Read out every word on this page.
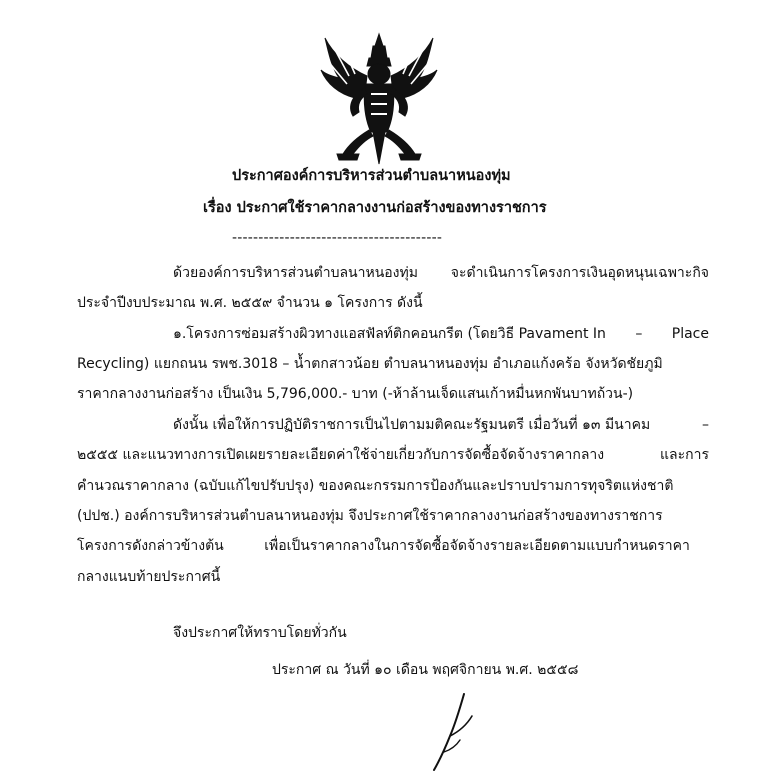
ประกาศองค์การบริหารส่วนตำบลนาหนองทุ่ม
เรื่อง ประกาศใช้ราคากลางงานก่อสร้างของทางราชการ
----------------------------------------
ด้วยองค์การบริหารส่วนตำบลนาหนองทุ่ม จะดำเนินการโครงการเงินอุดหนุนเฉพาะกิจ
ประจำปีงบประมาณ พ.ศ. ๒๕๕๙ จำนวน ๑ โครงการ ดังนี้
๑.โครงการซ่อมสร้างผิวทางแอสฟัลท์ติกคอนกรีต (โดยวิธี Pavament In – Place
Recycling) แยกถนน รพช.3018 – น้ำตกสาวน้อย ตำบลนาหนองทุ่ม อำเภอแก้งคร้อ จังหวัดชัยภูมิ
ราคากลางงานก่อสร้าง เป็นเงิน 5,796,000.- บาท (-ห้าล้านเจ็ดแสนเก้าหมื่นหกพันบาทถ้วน-)
ดังนั้น เพื่อให้การปฏิบัติราชการเป็นไปตามมติคณะรัฐมนตรี เมื่อวันที่ ๑๓ มีนาคม	–
๒๕๕๕ และแนวทางการเปิดเผยรายละเอียดค่าใช้จ่ายเกี่ยวกับการจัดซื้อจัดจ้างราคากลาง	และการ
คำนวณราคากลาง (ฉบับแก้ไขปรับปรุง) ของคณะกรรมการป้องกันและปราบปรามการทุจริตแห่งชาติ
(ปปช.) องค์การบริหารส่วนตำบลนาหนองทุ่ม จึงประกาศใช้ราคากลางงานก่อสร้างของทางราชการ
โครงการดังกล่าวข้างต้น	เพื่อเป็นราคากลางในการจัดซื้อจัดจ้างรายละเอียดตามแบบกำหนดราคา
กลางแนบท้ายประกาศนี้
จึงประกาศให้ทราบโดยทั่วกัน
ประกาศ ณ วันที่ ๑๐ เดือน พฤศจิกายน พ.ศ. ๒๕๕๘
